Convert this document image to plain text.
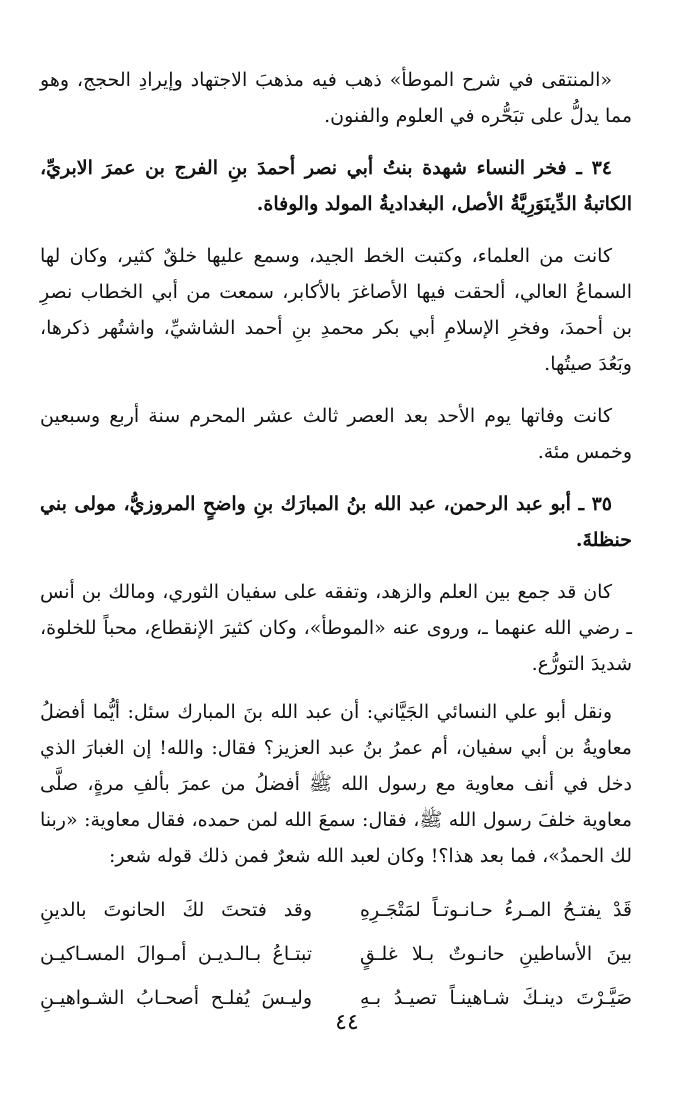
«المنتقى في شرح الموطأ» ذهب فيه مذهبَ الاجتهاد وإيرادِ الحجج، وهو مما يدلُّ على تبَحُّره في العلوم والفنون.

٣٤ ـ فخر النساء شهدة بنتُ أبي نصر أحمدَ بنِ الفرج بن عمرَ الابريِّ، الكاتبةُ الدِّينَوَرِيَّةُ الأصل، البغداديةُ المولد والوفاة.

كانت من العلماء، وكتبت الخط الجيد، وسمع عليها خلقٌ كثير، وكان لها السماعُ العالي، ألحقت فيها الأصاغرَ بالأكابر، سمعت من أبي الخطاب نصرِ بن أحمدَ، وفخرِ الإسلامِ أبي بكر محمدِ بنِ أحمد الشاشيِّ، واشتُهر ذكرها، وبَعُدَ صيتُها.

كانت وفاتها يوم الأحد بعد العصر ثالث عشر المحرم سنة أربع وسبعين وخمس مئة.

٣٥ ـ أبو عبد الرحمن، عبد الله بنُ المبارَك بنِ واضحٍ المروزيُّ، مولى بني حنظلةَ.

كان قد جمع بين العلم والزهد، وتفقه على سفيان الثوري، ومالك بن أنس ـ رضي الله عنهما ـ، وروى عنه «الموطأ»، وكان كثيرَ الإنقطاع، محباً للخلوة، شديدَ التورُّع.

ونقل أبو علي النسائي الجَيَّاني: أن عبد الله بنَ المبارك سئل: أيُّما أفضلُ معاويةُ بن أبي سفيان، أم عمرُ بنُ عبد العزيز؟ فقال: والله! إن الغبارَ الذي دخل في أنف معاوية مع رسول الله ﷺ أفضلُ من عمرَ بألفِ مرةٍ، صلَّى معاوية خلفَ رسول الله ﷺ، فقال: سمعَ الله لمن حمده، فقال معاوية: «ربنا لك الحمدُ»، فما بعد هذا؟! وكان لعبد الله شعرٌ فمن ذلك قوله شعر:

قَدْ يفتـحُ المـرءُ حـانـوتـاً لمَتْجَـرِهِ
وقد فتحتَ لكَ الحانوتَ بالدينِ
بينَ الأساطينِ حانـوتٌ بـلا غلـقٍ
تبتـاعُ بـالـديـن أمـوالَ المسـاكيـن
صَيَّـرْتَ دينـكَ شـاهينـاً تصيـدُ بـهِ
وليـسَ يُفلـح أصحـابُ الشـواهيـنِ
٤٤
